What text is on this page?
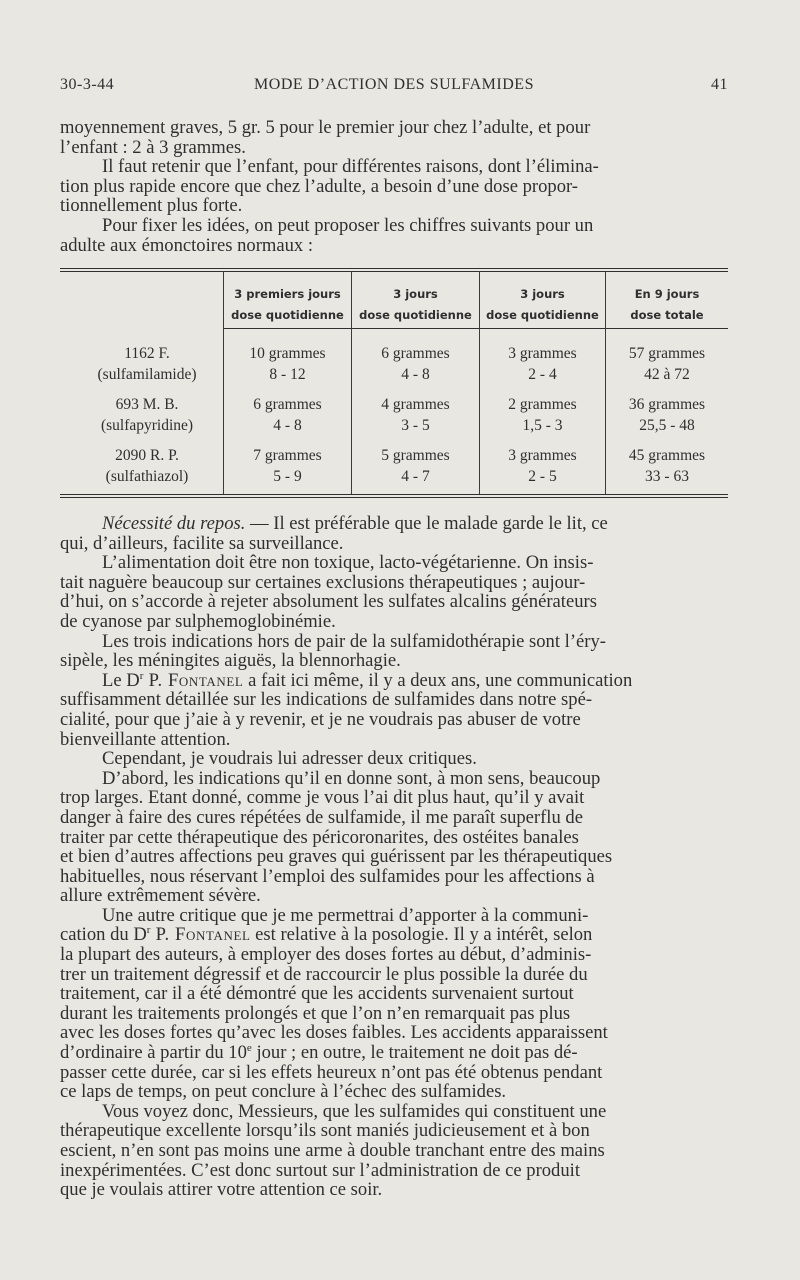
30-3-44	MODE D’ACTION DES SULFAMIDES	41
moyennement graves, 5 gr. 5 pour le premier jour chez l’adulte, et pour
l’enfant : 2 à 3 grammes.
Il faut retenir que l’enfant, pour différentes raisons, dont l’élimina-
tion plus rapide encore que chez l’adulte, a besoin d’une dose propor-
tionnellement plus forte.
Pour fixer les idées, on peut proposer les chiffres suivants pour un
adulte aux émonctoires normaux :
3 premiers jours
dose quotidienne
3 jours
dose quotidienne
3 jours
dose quotidienne
En 9 jours
dose totale
1162 F.
(sulfamilamide)
10 grammes
8 - 12
6 grammes
4 - 8
3 grammes
2 - 4
57 grammes
42 à 72
693 M. B.
(sulfapyridine)
6 grammes
4 - 8
4 grammes
3 - 5
2 grammes
1,5 - 3
36 grammes
25,5 - 48
2090 R. P.
(sulfathiazol)
7 grammes
5 - 9
5 grammes
4 - 7
3 grammes
2 - 5
45 grammes
33 - 63
Nécessité du repos. — Il est préférable que le malade garde le lit, ce
qui, d’ailleurs, facilite sa surveillance.
L’alimentation doit être non toxique, lacto-végétarienne. On insis-
tait naguère beaucoup sur certaines exclusions thérapeutiques ; aujour-
d’hui, on s’accorde à rejeter absolument les sulfates alcalins générateurs
de cyanose par sulphemoglobinémie.
Les trois indications hors de pair de la sulfamidothérapie sont l’éry-
sipèle, les méningites aiguës, la blennorhagie.
Le $D^r$ P. Fontanel a fait ici même, il y a deux ans, une communication
suffisamment détaillée sur les indications de sulfamides dans notre spé-
cialité, pour que j’aie à y revenir, et je ne voudrais pas abuser de votre
bienveillante attention.
Cependant, je voudrais lui adresser deux critiques.
D’abord, les indications qu’il en donne sont, à mon sens, beaucoup
trop larges. Etant donné, comme je vous l’ai dit plus haut, qu’il y avait
danger à faire des cures répétées de sulfamide, il me paraît superflu de
traiter par cette thérapeutique des péricoronarites, des ostéites banales
et bien d’autres affections peu graves qui guérissent par les thérapeutiques
habituelles, nous réservant l’emploi des sulfamides pour les affections à
allure extrêmement sévère.
Une autre critique que je me permettrai d’apporter à la communi-
cation du $D^r$ P. Fontanel est relative à la posologie. Il y a intérêt, selon
la plupart des auteurs, à employer des doses fortes au début, d’adminis-
trer un traitement dégressif et de raccourcir le plus possible la durée du
traitement, car il a été démontré que les accidents survenaient surtout
durant les traitements prolongés et que l’on n’en remarquait pas plus
avec les doses fortes qu’avec les doses faibles. Les accidents apparaissent
d’ordinaire à partir du 10e jour ; en outre, le traitement ne doit pas dé-
passer cette durée, car si les effets heureux n’ont pas été obtenus pendant
ce laps de temps, on peut conclure à l’échec des sulfamides.
Vous voyez donc, Messieurs, que les sulfamides qui constituent une
thérapeutique excellente lorsqu’ils sont maniés judicieusement et à bon
escient, n’en sont pas moins une arme à double tranchant entre des mains
inexpérimentées. C’est donc surtout sur l’administration de ce produit
que je voulais attirer votre attention ce soir.
